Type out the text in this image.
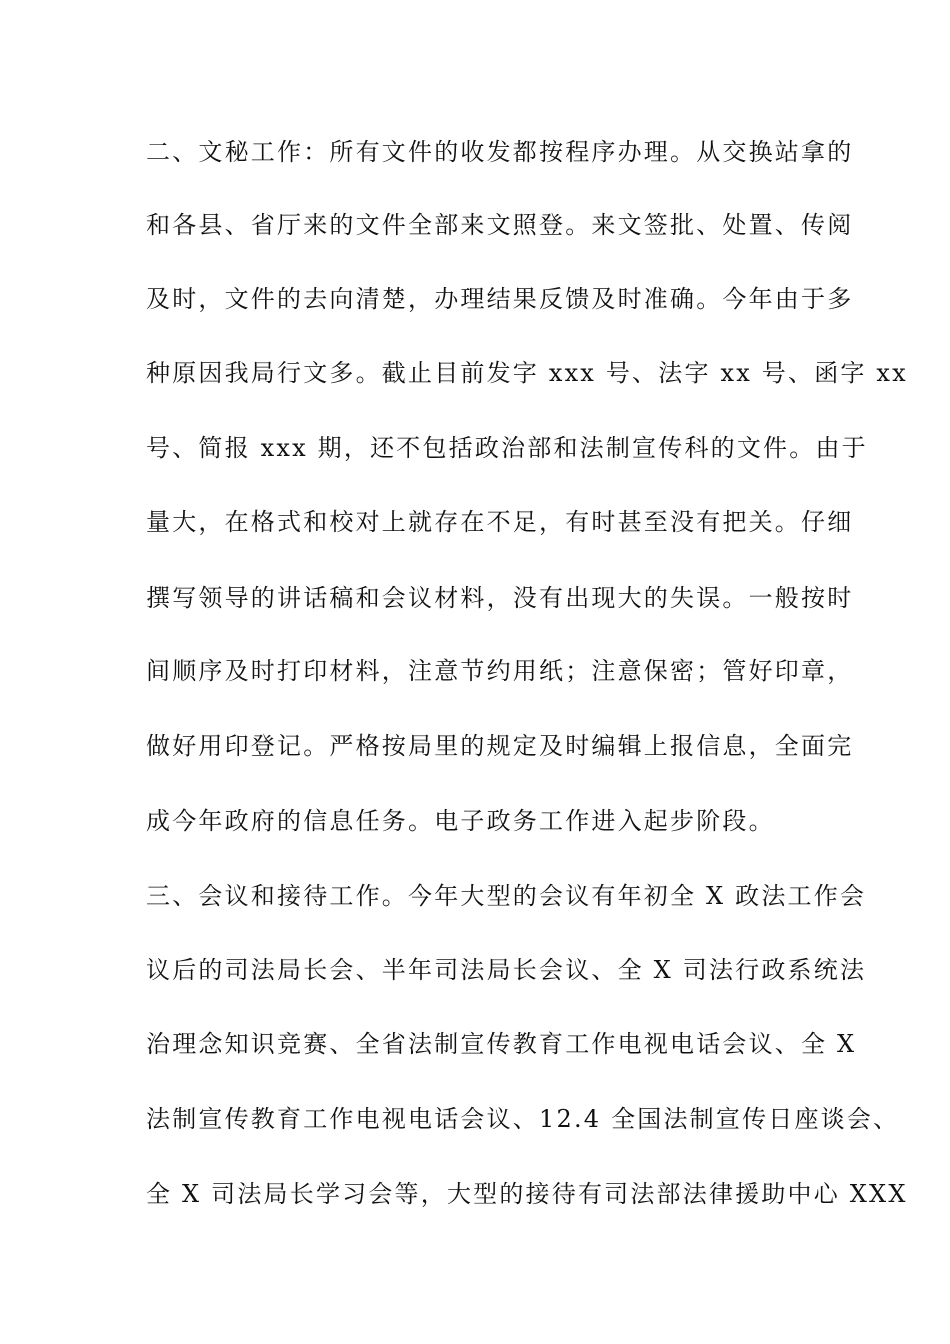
二、文秘工作：所有文件的收发都按程序办理。从交换站拿的
和各县、省厅来的文件全部来文照登。来文签批、处置、传阅
及时，文件的去向清楚，办理结果反馈及时准确。今年由于多
种原因我局行文多。截止目前发字 xxx 号、法字 xx 号、函字 xx
号、简报 xxx 期，还不包括政治部和法制宣传科的文件。由于
量大，在格式和校对上就存在不足，有时甚至没有把关。仔细
撰写领导的讲话稿和会议材料，没有出现大的失误。一般按时
间顺序及时打印材料，注意节约用纸；注意保密；管好印章，
做好用印登记。严格按局里的规定及时编辑上报信息，全面完
成今年政府的信息任务。电子政务工作进入起步阶段。
三、会议和接待工作。今年大型的会议有年初全 X 政法工作会
议后的司法局长会、半年司法局长会议、全 X 司法行政系统法
治理念知识竞赛、全省法制宣传教育工作电视电话会议、全 X
法制宣传教育工作电视电话会议、12.4 全国法制宣传日座谈会、
全 X 司法局长学习会等，大型的接待有司法部法律援助中心 XXX
